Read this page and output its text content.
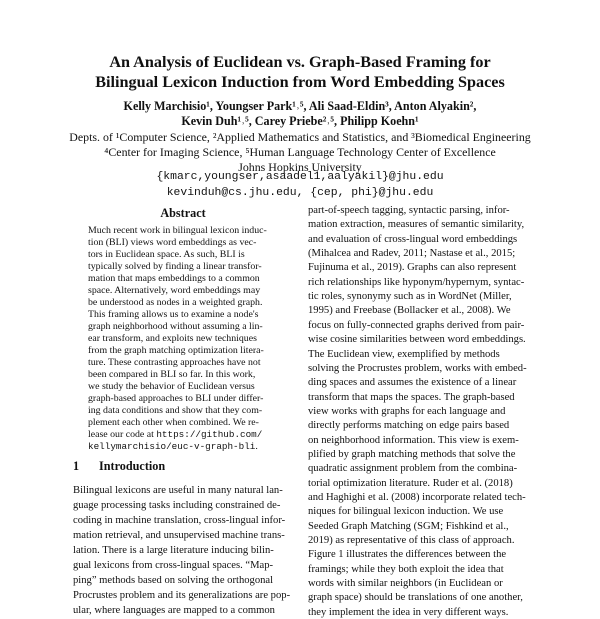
An Analysis of Euclidean vs. Graph-Based Framing for
Bilingual Lexicon Induction from Word Embedding Spaces
Kelly Marchisio¹, Youngser Park¹˒⁵, Ali Saad-Eldin³, Anton Alyakin²,
Kevin Duh¹˒⁵, Carey Priebe²˒⁵, Philipp Koehn¹
Depts. of ¹Computer Science, ²Applied Mathematics and Statistics, and ³Biomedical Engineering
⁴Center for Imaging Science, ⁵Human Language Technology Center of Excellence
Johns Hopkins University
{kmarc,youngser,asaadel1,aalyakil}@jhu.edu
kevinduh@cs.jhu.edu, {cep, phi}@jhu.edu
Abstract
Much recent work in bilingual lexicon induc-
tion (BLI) views word embeddings as vec-
tors in Euclidean space. As such, BLI is
typically solved by finding a linear transfor-
mation that maps embeddings to a common
space. Alternatively, word embeddings may
be understood as nodes in a weighted graph.
This framing allows us to examine a node's
graph neighborhood without assuming a lin-
ear transform, and exploits new techniques
from the graph matching optimization litera-
ture. These contrasting approaches have not
been compared in BLI so far. In this work,
we study the behavior of Euclidean versus
graph-based approaches to BLI under differ-
ing data conditions and show that they com-
plement each other when combined. We re-
lease our code at https://github.com/
kellymarchisio/euc-v-graph-bli.
1 Introduction
Bilingual lexicons are useful in many natural lan-
guage processing tasks including constrained de-
coding in machine translation, cross-lingual infor-
mation retrieval, and unsupervised machine trans-
lation. There is a large literature inducing bilin-
gual lexicons from cross-lingual spaces. “Map-
ping” methods based on solving the orthogonal
Procrustes problem and its generalizations are pop-
ular, where languages are mapped to a common
part-of-speech tagging, syntactic parsing, infor-
mation extraction, measures of semantic similarity,
and evaluation of cross-lingual word embeddings
(Mihalcea and Radev, 2011; Nastase et al., 2015;
Fujinuma et al., 2019). Graphs can also represent
rich relationships like hyponym/hypernym, syntac-
tic roles, synonymy such as in WordNet (Miller,
1995) and Freebase (Bollacker et al., 2008). We
focus on fully-connected graphs derived from pair-
wise cosine similarities between word embeddings.
The Euclidean view, exemplified by methods
solving the Procrustes problem, works with embed-
ding spaces and assumes the existence of a linear
transform that maps the spaces. The graph-based
view works with graphs for each language and
directly performs matching on edge pairs based
on neighborhood information. This view is exem-
plified by graph matching methods that solve the
quadratic assignment problem from the combina-
torial optimization literature. Ruder et al. (2018)
and Haghighi et al. (2008) incorporate related tech-
niques for bilingual lexicon induction. We use
Seeded Graph Matching (SGM; Fishkind et al.,
2019) as representative of this class of approach.
Figure 1 illustrates the differences between the
framings; while they both exploit the idea that
words with similar neighbors (in Euclidean or
graph space) should be translations of one another,
they implement the idea in very different ways.
